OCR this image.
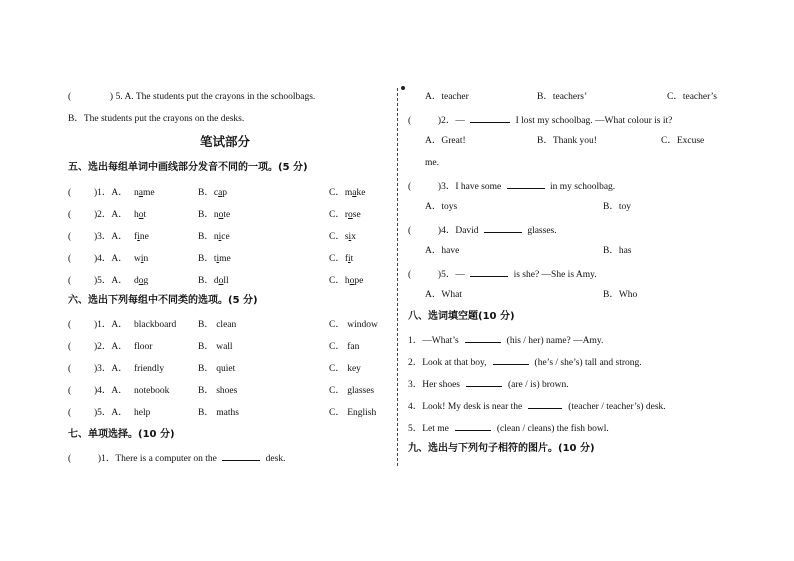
(	) 5. A. The students put the crayons in the schoolbags.
B．The students put the crayons on the desks.
笔试部分
五、选出每组单词中画线部分发音不同的一项。(5 分)
六、选出下列每组中不同类的选项。(5 分)
七、单项选择。(10 分)
(	)1．There is a computer on the	desk.
A．teacher	B．teachers’	C．teacher’s
(	)2．—	I lost my schoolbag. —What colour is it?
A．Great!	B．Thank you!	C．Excuse
me.
(	)3．I have some	in my schoolbag.
A．toys	B．toy
(	)4．David	glasses.
A．have	B．has
(	)5．—	is she? —She is Amy.
A．What	B．Who
八、选词填空题(10 分)
九、选出与下列句子相符的图片。(10 分)
( )1．A． name	B．cap	C．make
( )2．A． hot	B．note	C．rose
( )3．A． fine	B．nice	C．six
( )4．A． win	B．time	C．fit
( )5．A． dog	B．doll	C．hope
( )1．A． blackboard B． clean	C． window
( )2．A． floor	B． wall	C． fan
( )3．A． friendly	B． quiet	C． key
( )4．A． notebook	B． shoes	C． glasses
( )5．A． help	B． maths	C． English
1．—What’s	(his / her) name? —Amy.
2．Look at that boy,	(he’s / she’s) tall and strong.
3．Her shoes	(are / is) brown.
4．Look! My desk is near the	(teacher / teacher’s) desk.
5．Let me	(clean / cleans) the fish bowl.
